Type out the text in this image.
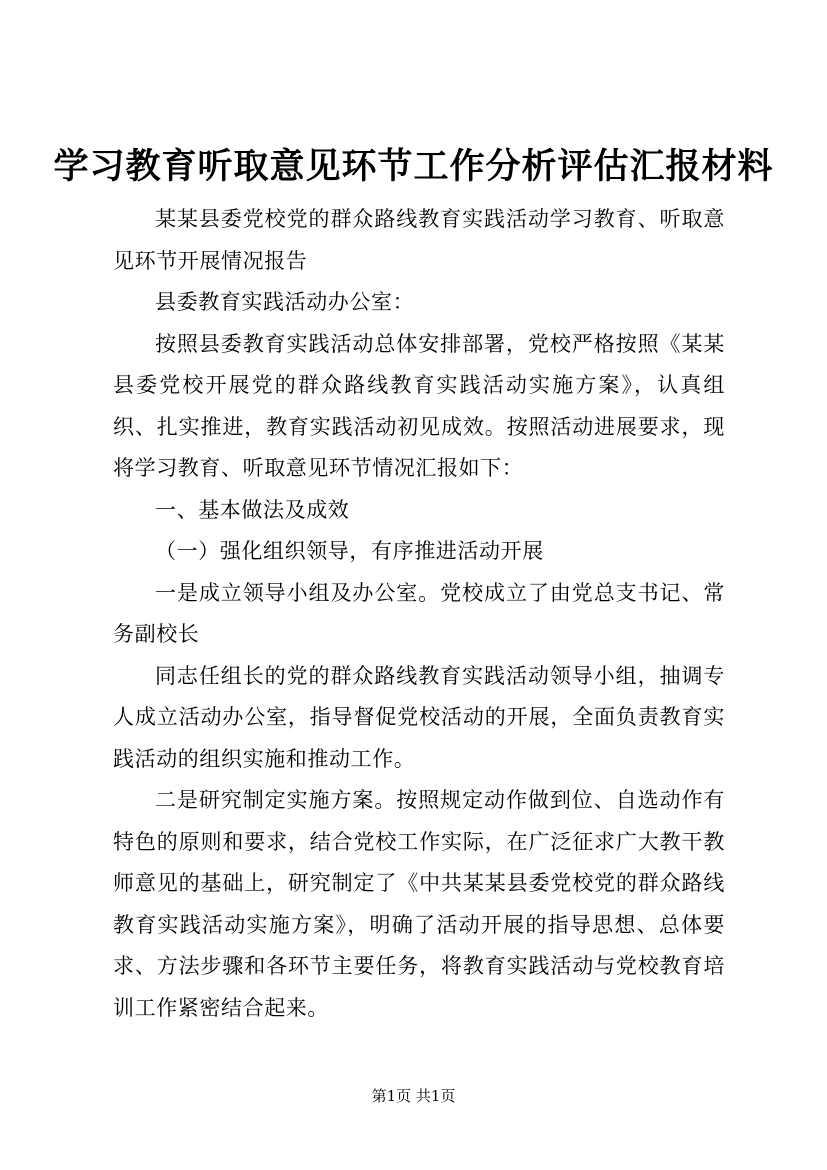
学习教育听取意见环节工作分析评估汇报材料

某某县委党校党的群众路线教育实践活动学习教育、听取意见环节开展情况报告

县委教育实践活动办公室：

按照县委教育实践活动总体安排部署，党校严格按照《某某县委党校开展党的群众路线教育实践活动实施方案》，认真组织、扎实推进，教育实践活动初见成效。按照活动进展要求，现将学习教育、听取意见环节情况汇报如下：

一、基本做法及成效

（一）强化组织领导，有序推进活动开展

一是成立领导小组及办公室。党校成立了由党总支书记、常务副校长

同志任组长的党的群众路线教育实践活动领导小组，抽调专人成立活动办公室，指导督促党校活动的开展，全面负责教育实践活动的组织实施和推动工作。

二是研究制定实施方案。按照规定动作做到位、自选动作有特色的原则和要求，结合党校工作实际，在广泛征求广大教干教师意见的基础上，研究制定了《中共某某县委党校党的群众路线教育实践活动实施方案》，明确了活动开展的指导思想、总体要求、方法步骤和各环节主要任务，将教育实践活动与党校教育培训工作紧密结合起来。

第1页 共1页
